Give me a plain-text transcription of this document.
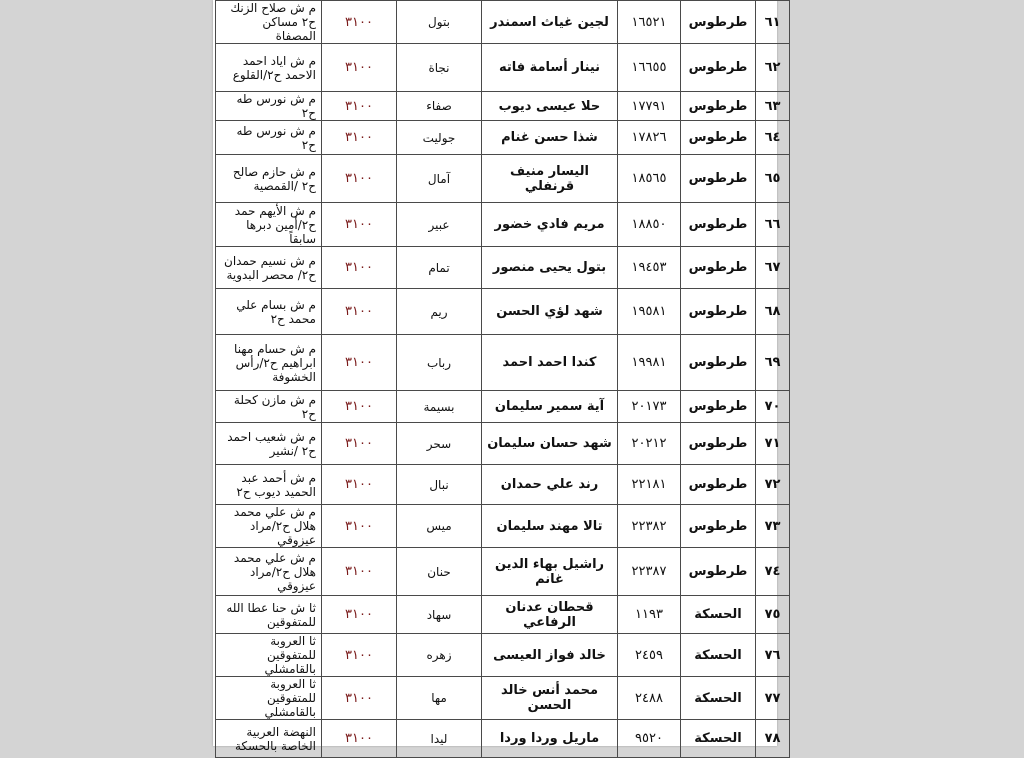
٦١	طرطوس	١٦٥٢١	لجين غياث اسمندر	بتول	٣١٠٠	م ش صلاح الزنك ح٢ مساكن المصفاة
٦٢	طرطوس	١٦٦٥٥	نينار أسامة فاته	نجاة	٣١٠٠	م ش اياد احمد الاحمد ح٢/القلوع
٦٣	طرطوس	١٧٧٩١	حلا عيسى ديوب	صفاء	٣١٠٠	م ش نورس طه ح٢
٦٤	طرطوس	١٧٨٢٦	شذا حسن غنام	جوليت	٣١٠٠	م ش نورس طه ح٢
٦٥	طرطوس	١٨٥٦٥	اليسار منيف قرنفلي	آمال	٣١٠٠	م ش حازم صالح ح٢ /القمصية
٦٦	طرطوس	١٨٨٥٠	مريم فادي خضور	عبير	٣١٠٠	م ش الأيهم حمد ح٢/أمين دبرها سابقاً
٦٧	طرطوس	١٩٤٥٣	بتول يحيى منصور	تمام	٣١٠٠	م ش نسيم حمدان ح٢/ محصر البدوية
٦٨	طرطوس	١٩٥٨١	شهد لؤي الحسن	ريم	٣١٠٠	م ش بسام علي محمد ح٢
٦٩	طرطوس	١٩٩٨١	كندا احمد احمد	رباب	٣١٠٠	م ش حسام مهنا ابراهيم ح٢/رأس الخشوفة
٧٠	طرطوس	٢٠١٧٣	آية سمير سليمان	بسيمة	٣١٠٠	م ش مازن كحلة ح٢
٧١	طرطوس	٢٠٢١٢	شهد حسان سليمان	سحر	٣١٠٠	م ش شعيب احمد ح٢ /نشير
٧٢	طرطوس	٢٢١٨١	رند علي حمدان	نبال	٣١٠٠	م ش أحمد عبد الحميد ديوب ح٢
٧٣	طرطوس	٢٢٣٨٢	تالا مهند سليمان	ميس	٣١٠٠	م ش علي محمد هلال ح٢/مراد عيزوقي
٧٤	طرطوس	٢٢٣٨٧	راشيل بهاء الدين غانم	حنان	٣١٠٠	م ش علي محمد هلال ح٢/مراد عيزوقي
٧٥	الحسكة	١١٩٣	قحطان عدنان الرفاعي	سهاد	٣١٠٠	ثا ش حنا عطا الله للمتفوقين
٧٦	الحسكة	٢٤٥٩	خالد فواز العيسى	زهره	٣١٠٠	ثا العروبة للمتفوقين بالقامشلي
٧٧	الحسكة	٢٤٨٨	محمد أنس خالد الحسن	مها	٣١٠٠	ثا العروبة للمتفوقين بالقامشلي
٧٨	الحسكة	٩٥٢٠	ماريل وردا وردا	ليدا	٣١٠٠	النهضة العربية الخاصة بالحسكة
